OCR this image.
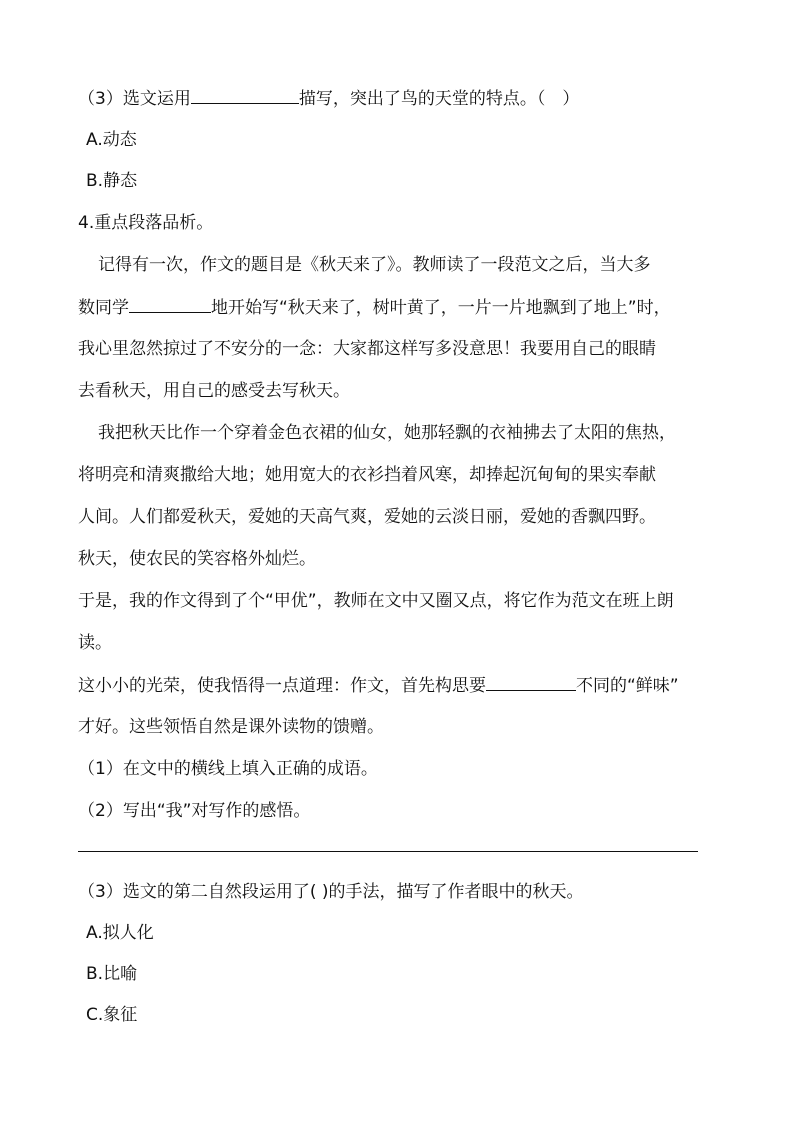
（3）选文运用	描写，突出了鸟的天堂的特点。（　）
A.动态
B.静态
4.重点段落品析。
记得有一次，作文的题目是《秋天来了》。教师读了一段范文之后，当大多
数同学	地开始写“秋天来了，树叶黄了，一片一片地飘到了地上”时，
我心里忽然掠过了不安分的一念：大家都这样写多没意思！我要用自己的眼睛
去看秋天，用自己的感受去写秋天。
我把秋天比作一个穿着金色衣裙的仙女，她那轻飘的衣袖拂去了太阳的焦热，
将明亮和清爽撒给大地；她用宽大的衣衫挡着风寒，却捧起沉甸甸的果实奉献
人间。人们都爱秋天，爱她的天高气爽，爱她的云淡日丽，爱她的香飘四野。
秋天，使农民的笑容格外灿烂。
于是，我的作文得到了个“甲优”，教师在文中又圈又点，将它作为范文在班上朗
读。
这小小的光荣，使我悟得一点道理：作文，首先构思要	不同的“鲜味”
才好。这些领悟自然是课外读物的馈赠。
（1）在文中的横线上填入正确的成语。
（2）写出“我”对写作的感悟。
（3）选文的第二自然段运用了( )的手法，描写了作者眼中的秋天。
A.拟人化
B.比喻
C.象征
